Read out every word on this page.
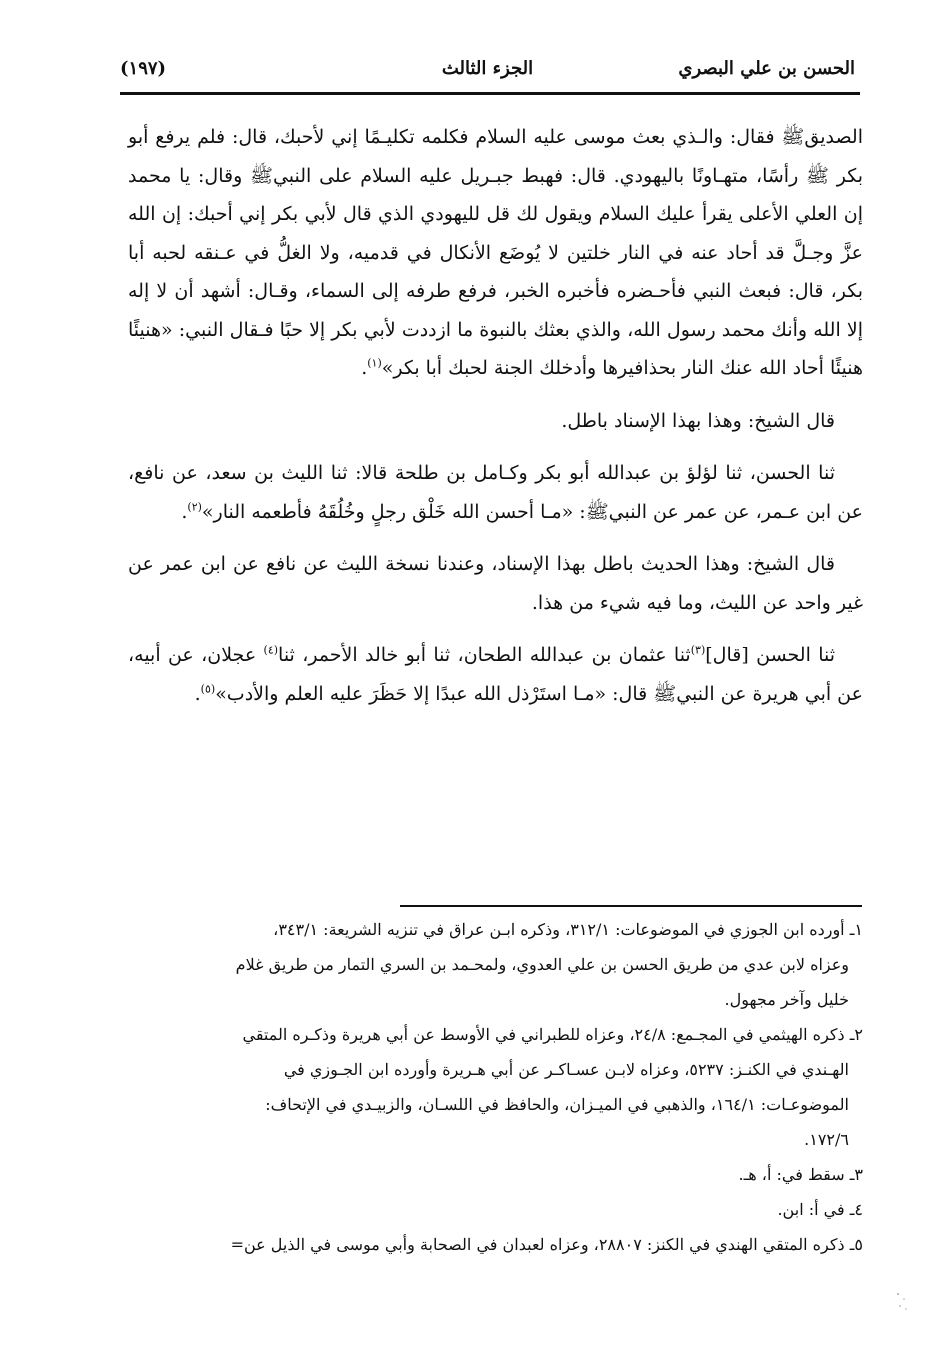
الحسن بن علي البصري
الجزء الثالث
(١٩٧)

الصديقﷺ فقال: والـذي بعث موسى عليه السلام فكلمه تكليـمًا إني لأحبك، قال: فلم يرفع أبو بكر ﷺ رأسًا، متهـاونًا باليهودي. قال: فهبط جبـريل عليه السلام على النبيﷺ وقال: يا محمد إن العلي الأعلى يقرأ عليك السلام ويقول لك قل لليهودي الذي قال لأبي بكر إني أحبك: إن الله عزَّ وجـلَّ قد أحاد عنه في النار خلتين لا يُوضَع الأنكال في قدميه، ولا الغلُّ في عـنقه لحبه أبا بكر، قال: فبعث النبي فأحـضره فأخبره الخبر، فرفع طرفه إلى السماء، وقـال: أشهد أن لا إله إلا الله وأنك محمد رسول الله، والذي بعثك بالنبوة ما ازددت لأبي بكر إلا حبًا فـقال النبي: «هنيئًا هنيئًا أحاد الله عنك النار بحذافيرها وأدخلك الجنة لحبك أبا بكر»$^{(١)}$.

قال الشيخ: وهذا بهذا الإسناد باطل.

ثنا الحسن، ثنا لؤلؤ بن عبدالله أبو بكر وكـامل بن طلحة قالا: ثنا الليث بن سعد، عن نافع، عن ابن عـمر، عن عمر عن النبيﷺ: «مـا أحسن الله خَلْق رجلٍ وخُلُقَهُ فأطعمه النار»$^{(٢)}$.

قال الشيخ: وهذا الحديث باطل بهذا الإسناد، وعندنا نسخة الليث عن نافع عن ابن عمر عن غير واحد عن الليث، وما فيه شيء من هذا.

ثنا الحسن [قال]$^{(٣)}$ثنا عثمان بن عبدالله الطحان، ثنا أبو خالد الأحمر، ثنا$^{(٤)}$ عجلان، عن أبيه، عن أبي هريرة عن النبيﷺ قال: «مـا استَرْذل الله عبدًا إلا حَظَرَ عليه العلم والأدب»$^{(٥)}$.

١ـ أورده ابن الجوزي في الموضوعات: ٣١٢/١، وذكره ابـن عراق في تنزيه الشريعة: ٣٤٣/١،
وعزاه لابن عدي من طريق الحسن بن علي العدوي، ولمحـمد بن السري التمار من طريق غلام
خليل وآخر مجهول.
٢ـ ذكره الهيثمي في المجـمع: ٢٤/٨، وعزاه للطبراني في الأوسط عن أبي هريرة وذكـره المتقي
الهـندي في الكنـز: ٥٢٣٧، وعزاه لابـن عسـاكـر عن أبي هـريرة وأورده ابن الجـوزي في
الموضوعـات: ١٦٤/١، والذهبي في الميـزان، والحافظ في اللسـان، والزبيـدي في الإتحاف:
١٧٢/٦.
٣ـ سقط في: أ، هـ.
٤ـ في أ: ابن.
٥ـ ذكره المتقي الهندي في الكنز: ٢٨٨٠٧، وعزاه لعبدان في الصحابة وأبي موسى في الذيل عن=
